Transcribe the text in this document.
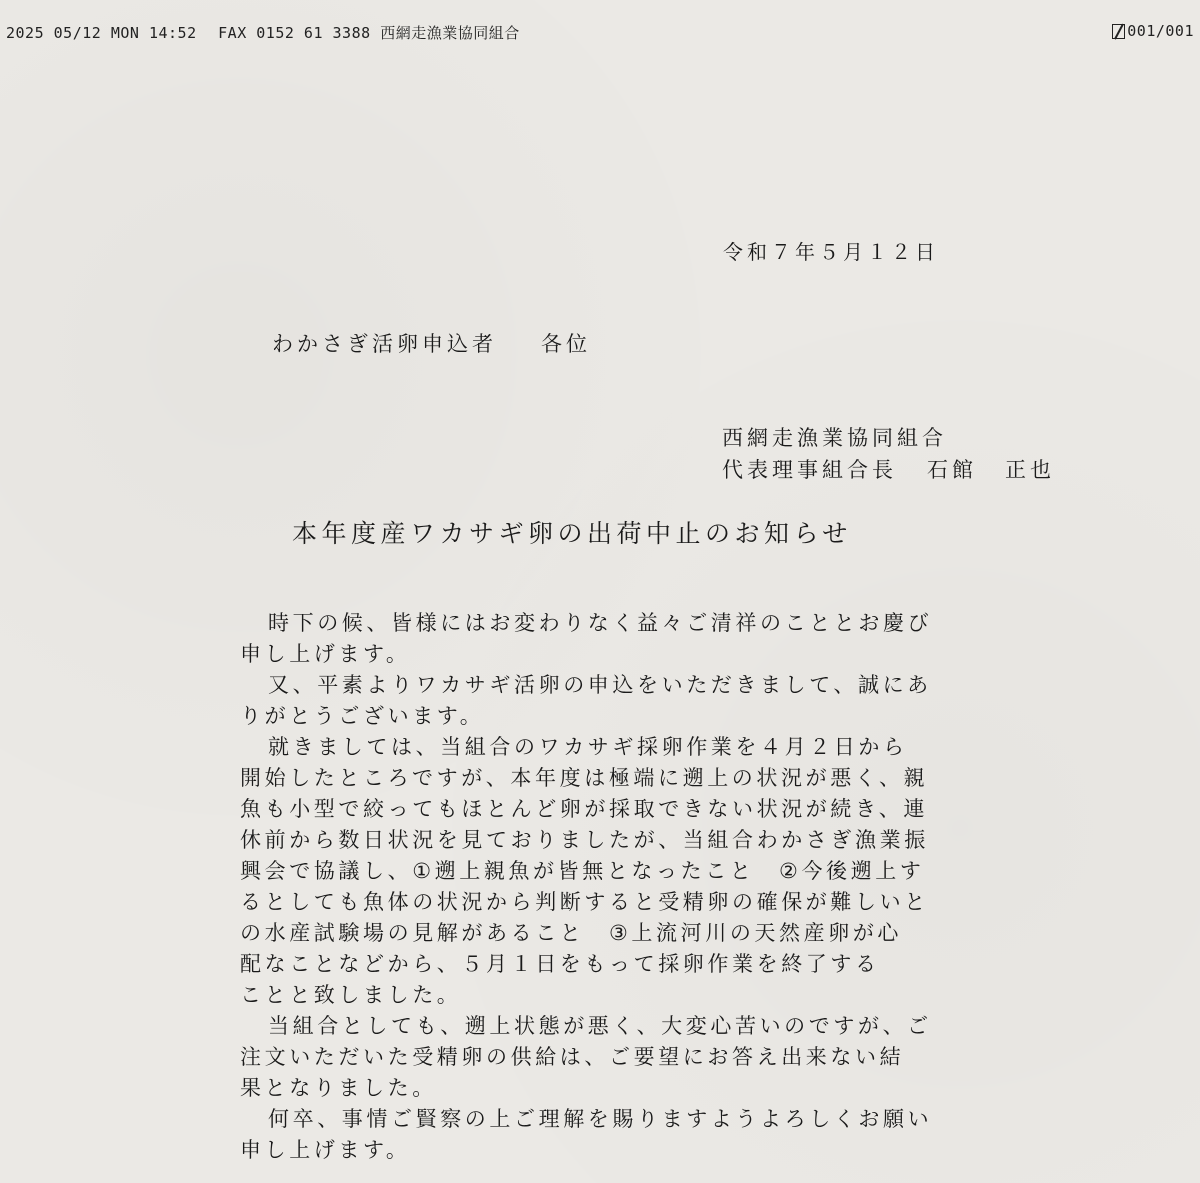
2025 05/12 MON 14:52 FAX 0152 61 3388 西網走漁業協同組合	001/001
令和７年５月１２日
わかさぎ活卵申込者 各位
西網走漁業協同組合
代表理事組合長 石館 正也
本年度産ワカサギ卵の出荷中止のお知らせ
時下の候、皆様にはお変わりなく益々ご清祥のこととお慶び
申し上げます。
又、平素よりワカサギ活卵の申込をいただきまして、誠にあ
りがとうございます。
就きましては、当組合のワカサギ採卵作業を４月２日から
開始したところですが、本年度は極端に遡上の状況が悪く、親
魚も小型で絞ってもほとんど卵が採取できない状況が続き、連
休前から数日状況を見ておりましたが、当組合わかさぎ漁業振
興会で協議し、①遡上親魚が皆無となったこと　②今後遡上す
るとしても魚体の状況から判断すると受精卵の確保が難しいと
の水産試験場の見解があること　③上流河川の天然産卵が心
配なことなどから、５月１日をもって採卵作業を終了する
ことと致しました。
当組合としても、遡上状態が悪く、大変心苦いのですが、ご
注文いただいた受精卵の供給は、ご要望にお答え出来ない結
果となりました。
何卒、事情ご賢察の上ご理解を賜りますようよろしくお願い
申し上げます。
